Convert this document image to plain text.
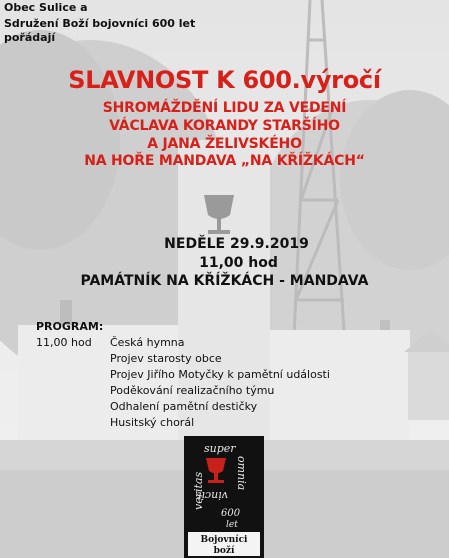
Obec Sulice a

Sdružení Boží bojovníci 600 let

pořádají

SLAVNOST K 600.výročí

SHROMÁŽDĚNÍ LIDU ZA VEDENÍ

VÁCLAVA KORANDY STARŠÍHO

A JANA ŽELIVSKÉHO

NA HOŘE MANDAVA „NA KŘÍŽKÁCH“

NEDĚLE 29.9.2019

11,00 hod

PAMÁTNÍK NA KŘÍŽKÁCH - MANDAVA

PROGRAM:

11,00 hod Česká hymna

Projev starosty obce

Projev Jiřího Motyčky k pamětní události

Poděkování realizačního týmu

Odhalení pamětní destičky

Husitský chorál

super
omnia
veritas
vincit
600
let
Bojovníci
boží
